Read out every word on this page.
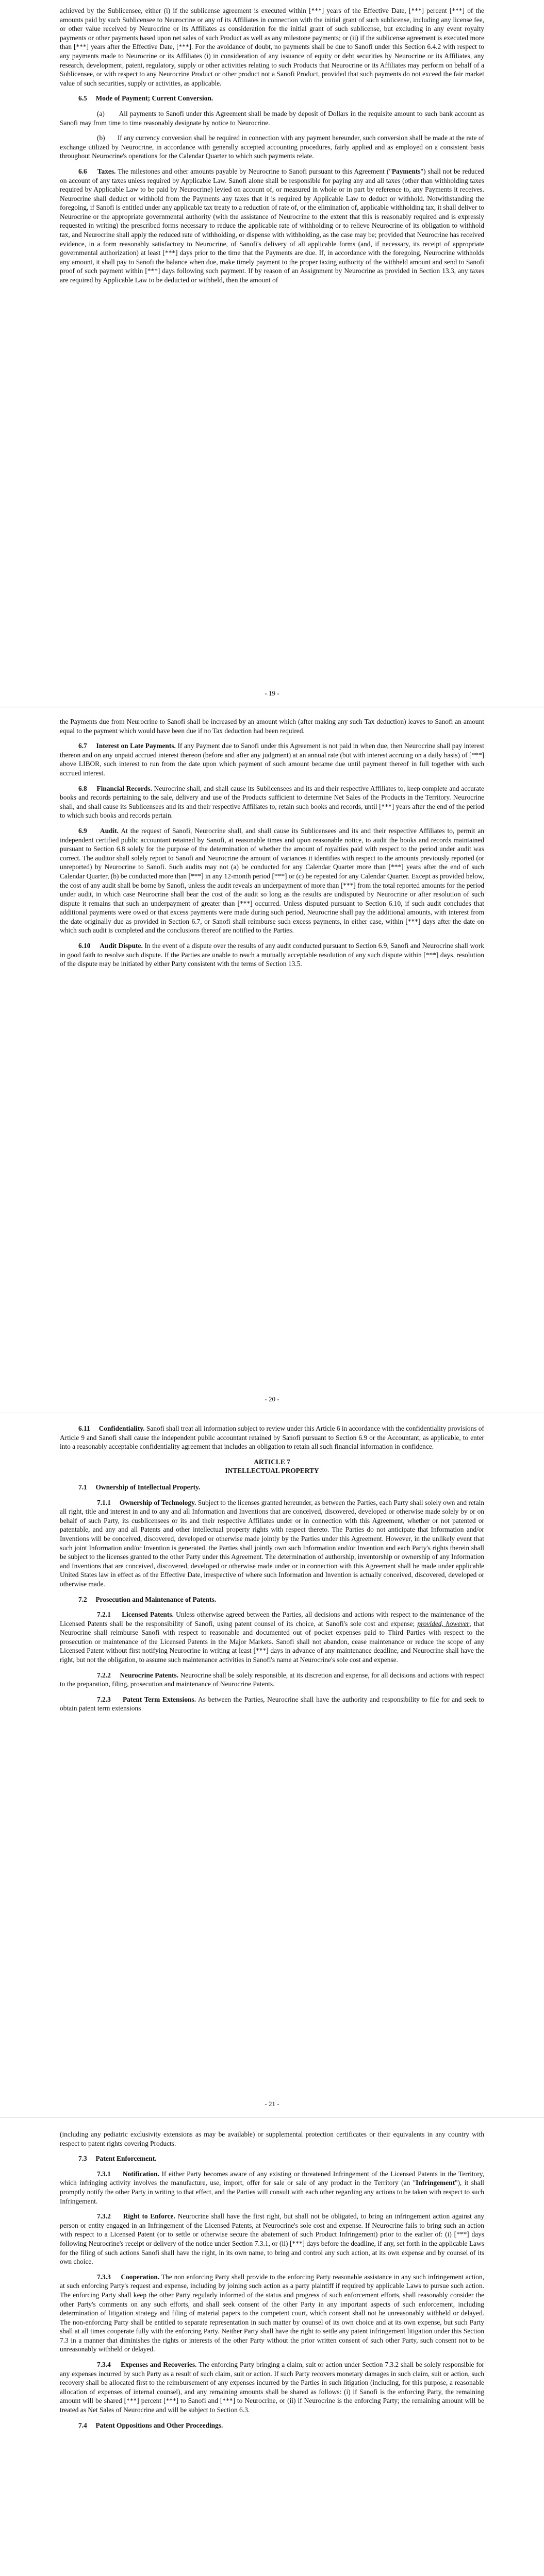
achieved by the Sublicensee, either (i) if the sublicense agreement is executed within [***] years of the Effective Date, [***] percent [***] of the amounts paid by such Sublicensee to Neurocrine or any of its Affiliates in connection with the initial grant of such sublicense, including any license fee, or other value received by Neurocrine or its Affiliates as consideration for the initial grant of such sublicense, but excluding in any event royalty payments or other payments based upon net sales of such Product as well as any milestone payments; or (ii) if the sublicense agreement is executed more than [***] years after the Effective Date, [***]. For the avoidance of doubt, no payments shall be due to Sanofi under this Section 6.4.2 with respect to any payments made to Neurocrine or its Affiliates (i) in consideration of any issuance of equity or debt securities by Neurocrine or its Affiliates, any research, development, patent, regulatory, supply or other activities relating to such Products that Neurocrine or its Affiliates may perform on behalf of a Sublicensee, or with respect to any Neurocrine Product or other product not a Sanofi Product, provided that such payments do not exceed the fair market value of such securities, supply or activities, as applicable.

6.5 Mode of Payment; Current Conversion.

(a) All payments to Sanofi under this Agreement shall be made by deposit of Dollars in the requisite amount to such bank account as Sanofi may from time to time reasonably designate by notice to Neurocrine.

(b) If any currency conversion shall be required in connection with any payment hereunder, such conversion shall be made at the rate of exchange utilized by Neurocrine, in accordance with generally accepted accounting procedures, fairly applied and as employed on a consistent basis throughout Neurocrine's operations for the Calendar Quarter to which such payments relate.

6.6 Taxes. The milestones and other amounts payable by Neurocrine to Sanofi pursuant to this Agreement ("Payments") shall not be reduced on account of any taxes unless required by Applicable Law. Sanofi alone shall be responsible for paying any and all taxes (other than withholding taxes required by Applicable Law to be paid by Neurocrine) levied on account of, or measured in whole or in part by reference to, any Payments it receives. Neurocrine shall deduct or withhold from the Payments any taxes that it is required by Applicable Law to deduct or withhold. Notwithstanding the foregoing, if Sanofi is entitled under any applicable tax treaty to a reduction of rate of, or the elimination of, applicable withholding tax, it shall deliver to Neurocrine or the appropriate governmental authority (with the assistance of Neurocrine to the extent that this is reasonably required and is expressly requested in writing) the prescribed forms necessary to reduce the applicable rate of withholding or to relieve Neurocrine of its obligation to withhold tax, and Neurocrine shall apply the reduced rate of withholding, or dispense with withholding, as the case may be; provided that Neurocrine has received evidence, in a form reasonably satisfactory to Neurocrine, of Sanofi's delivery of all applicable forms (and, if necessary, its receipt of appropriate governmental authorization) at least [***] days prior to the time that the Payments are due. If, in accordance with the foregoing, Neurocrine withholds any amount, it shall pay to Sanofi the balance when due, make timely payment to the proper taxing authority of the withheld amount and send to Sanofi proof of such payment within [***] days following such payment. If by reason of an Assignment by Neurocrine as provided in Section 13.3, any taxes are required by Applicable Law to be deducted or withheld, then the amount of

- 19 -

the Payments due from Neurocrine to Sanofi shall be increased by an amount which (after making any such Tax deduction) leaves to Sanofi an amount equal to the payment which would have been due if no Tax deduction had been required.

6.7 Interest on Late Payments. If any Payment due to Sanofi under this Agreement is not paid in when due, then Neurocrine shall pay interest thereon and on any unpaid accrued interest thereon (before and after any judgment) at an annual rate (but with interest accruing on a daily basis) of [***] above LIBOR, such interest to run from the date upon which payment of such amount became due until payment thereof in full together with such accrued interest.

6.8 Financial Records. Neurocrine shall, and shall cause its Sublicensees and its and their respective Affiliates to, keep complete and accurate books and records pertaining to the sale, delivery and use of the Products sufficient to determine Net Sales of the Products in the Territory. Neurocrine shall, and shall cause its Sublicensees and its and their respective Affiliates to, retain such books and records, until [***] years after the end of the period to which such books and records pertain.

6.9 Audit. At the request of Sanofi, Neurocrine shall, and shall cause its Sublicensees and its and their respective Affiliates to, permit an independent certified public accountant retained by Sanofi, at reasonable times and upon reasonable notice, to audit the books and records maintained pursuant to Section 6.8 solely for the purpose of the determination of whether the amount of royalties paid with respect to the period under audit was correct. The auditor shall solely report to Sanofi and Neurocrine the amount of variances it identifies with respect to the amounts previously reported (or unreported) by Neurocrine to Sanofi. Such audits may not (a) be conducted for any Calendar Quarter more than [***] years after the end of such Calendar Quarter, (b) be conducted more than [***] in any 12-month period [***] or (c) be repeated for any Calendar Quarter. Except as provided below, the cost of any audit shall be borne by Sanofi, unless the audit reveals an underpayment of more than [***] from the total reported amounts for the period under audit, in which case Neurocrine shall bear the cost of the audit so long as the results are undisputed by Neurocrine or after resolution of such dispute it remains that such an underpayment of greater than [***] occurred. Unless disputed pursuant to Section 6.10, if such audit concludes that additional payments were owed or that excess payments were made during such period, Neurocrine shall pay the additional amounts, with interest from the date originally due as provided in Section 6.7, or Sanofi shall reimburse such excess payments, in either case, within [***] days after the date on which such audit is completed and the conclusions thereof are notified to the Parties.

6.10 Audit Dispute. In the event of a dispute over the results of any audit conducted pursuant to Section 6.9, Sanofi and Neurocrine shall work in good faith to resolve such dispute. If the Parties are unable to reach a mutually acceptable resolution of any such dispute within [***] days, resolution of the dispute may be initiated by either Party consistent with the terms of Section 13.5.

- 20 -

6.11 Confidentiality. Sanofi shall treat all information subject to review under this Article 6 in accordance with the confidentiality provisions of Article 9 and Sanofi shall cause the independent public accountant retained by Sanofi pursuant to Section 6.9 or the Accountant, as applicable, to enter into a reasonably acceptable confidentiality agreement that includes an obligation to retain all such financial information in confidence.

ARTICLE 7

INTELLECTUAL PROPERTY

7.1 Ownership of Intellectual Property.

7.1.1 Ownership of Technology. Subject to the licenses granted hereunder, as between the Parties, each Party shall solely own and retain all right, title and interest in and to any and all Information and Inventions that are conceived, discovered, developed or otherwise made solely by or on behalf of such Party, its cusblicensees or its and their respective Affiliates under or in connection with this Agreement, whether or not patented or patentable, and any and all Patents and other intellectual property rights with respect thereto. The Parties do not anticipate that Information and/or Inventions will be conceived, discovered, developed or otherwise made jointly by the Parties under this Agreement. However, in the unlikely event that such joint Information and/or Invention is generated, the Parties shall jointly own such Information and/or Invention and each Party's rights therein shall be subject to the licenses granted to the other Party under this Agreement. The determination of authorship, inventorship or ownership of any Information and Inventions that are conceived, discovered, developed or otherwise made under or in connection with this Agreement shall be made under applicable United States law in effect as of the Effective Date, irrespective of where such Information and Invention is actually conceived, discovered, developed or otherwise made.

7.2 Prosecution and Maintenance of Patents.

7.2.1 Licensed Patents. Unless otherwise agreed between the Parties, all decisions and actions with respect to the maintenance of the Licensed Patents shall be the responsibility of Sanofi, using patent counsel of its choice, at Sanofi's sole cost and expense; provided, however, that Neurocrine shall reimburse Sanofi with respect to reasonable and documented out of pocket expenses paid to Third Parties with respect to the prosecution or maintenance of the Licensed Patents in the Major Markets. Sanofi shall not abandon, cease maintenance or reduce the scope of any Licensed Patent without first notifying Neurocrine in writing at least [***] days in advance of any maintenance deadline, and Neurocrine shall have the right, but not the obligation, to assume such maintenance activities in Sanofi's name at Neurocrine's sole cost and expense.

7.2.2 Neurocrine Patents. Neurocrine shall be solely responsible, at its discretion and expense, for all decisions and actions with respect to the preparation, filing, prosecution and maintenance of Neurocrine Patents.

7.2.3 Patent Term Extensions. As between the Parties, Neurocrine shall have the authority and responsibility to file for and seek to obtain patent term extensions

- 21 -

(including any pediatric exclusivity extensions as may be available) or supplemental protection certificates or their equivalents in any country with respect to patent rights covering Products.

7.3 Patent Enforcement.

7.3.1 Notification. If either Party becomes aware of any existing or threatened Infringement of the Licensed Patents in the Territory, which infringing activity involves the manufacture, use, import, offer for sale or sale of any product in the Territory (an "Infringement"), it shall promptly notify the other Party in writing to that effect, and the Parties will consult with each other regarding any actions to be taken with respect to such Infringement.

7.3.2 Right to Enforce. Neurocrine shall have the first right, but shall not be obligated, to bring an infringement action against any person or entity engaged in an Infringement of the Licensed Patents, at Neurocrine's sole cost and expense. If Neurocrine fails to bring such an action with respect to a Licensed Patent (or to settle or otherwise secure the abatement of such Product Infringement) prior to the earlier of: (i) [***] days following Neurocrine's receipt or delivery of the notice under Section 7.3.1, or (ii) [***] days before the deadline, if any, set forth in the applicable Laws for the filing of such actions Sanofi shall have the right, in its own name, to bring and control any such action, at its own expense and by counsel of its own choice.

7.3.3 Cooperation. The non enforcing Party shall provide to the enforcing Party reasonable assistance in any such infringement action, at such enforcing Party's request and expense, including by joining such action as a party plaintiff if required by applicable Laws to pursue such action. The enforcing Party shall keep the other Party regularly informed of the status and progress of such enforcement efforts, shall reasonably consider the other Party's comments on any such efforts, and shall seek consent of the other Party in any important aspects of such enforcement, including determination of litigation strategy and filing of material papers to the competent court, which consent shall not be unreasonably withheld or delayed. The non-enforcing Party shall be entitled to separate representation in such matter by counsel of its own choice and at its own expense, but such Party shall at all times cooperate fully with the enforcing Party. Neither Party shall have the right to settle any patent infringement litigation under this Section 7.3 in a manner that diminishes the rights or interests of the other Party without the prior written consent of such other Party, such consent not to be unreasonably withheld or delayed.

7.3.4 Expenses and Recoveries. The enforcing Party bringing a claim, suit or action under Section 7.3.2 shall be solely responsible for any expenses incurred by such Party as a result of such claim, suit or action. If such Party recovers monetary damages in such claim, suit or action, such recovery shall be allocated first to the reimbursement of any expenses incurred by the Parties in such litigation (including, for this purpose, a reasonable allocation of expenses of internal counsel), and any remaining amounts shall be shared as follows: (i) if Sanofi is the enforcing Party, the remaining amount will be shared [***] percent [***] to Sanofi and [***] to Neurocrine, or (ii) if Neurocrine is the enforcing Party; the remaining amount will be treated as Net Sales of Neurocrine and will be subject to Section 6.3.

7.4 Patent Oppositions and Other Proceedings.
